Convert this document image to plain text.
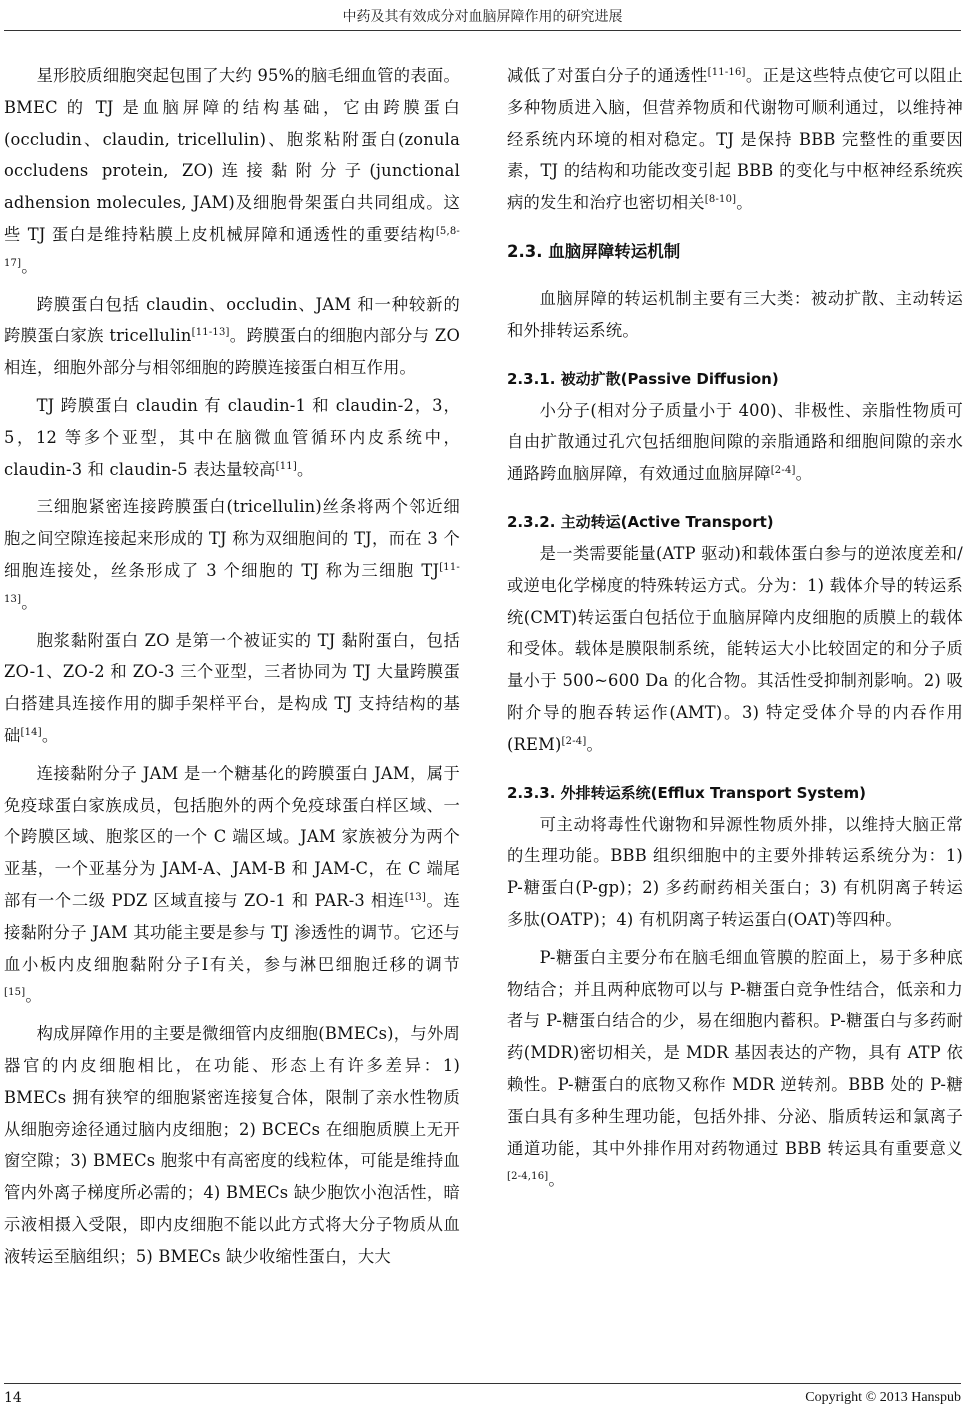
中药及其有效成分对血脑屏障作用的研究进展

星形胶质细胞突起包围了大约 95%的脑毛细血管的表面。BMEC 的 TJ 是血脑屏障的结构基础，它由跨膜蛋白(occludin、claudin, tricellulin)、胞浆粘附蛋白(zonula occludens protein, ZO)连接黏附分子(junctional adhension molecules, JAM)及细胞骨架蛋白共同组成。这些 TJ 蛋白是维持粘膜上皮机械屏障和通透性的重要结构[5,8-17]。

跨膜蛋白包括 claudin、occludin、JAM 和一种较新的跨膜蛋白家族 tricellulin[11-13]。跨膜蛋白的细胞内部分与 ZO 相连，细胞外部分与相邻细胞的跨膜连接蛋白相互作用。

TJ 跨膜蛋白 claudin 有 claudin-1 和 claudin-2，3，5，12 等多个亚型，其中在脑微血管循环内皮系统中，claudin-3 和 claudin-5 表达量较高[11]。

三细胞紧密连接跨膜蛋白(tricellulin)丝条将两个邻近细胞之间空隙连接起来形成的 TJ 称为双细胞间的 TJ，而在 3 个细胞连接处，丝条形成了 3 个细胞的 TJ 称为三细胞 TJ[11-13]。

胞浆黏附蛋白 ZO 是第一个被证实的 TJ 黏附蛋白，包括 ZO-1、ZO-2 和 ZO-3 三个亚型，三者协同为 TJ 大量跨膜蛋白搭建具连接作用的脚手架样平台，是构成 TJ 支持结构的基础[14]。

连接黏附分子 JAM 是一个糖基化的跨膜蛋白 JAM，属于免疫球蛋白家族成员，包括胞外的两个免疫球蛋白样区域、一个跨膜区域、胞浆区的一个 C 端区域。JAM 家族被分为两个亚基，一个亚基分为 JAM-A、JAM-B 和 JAM-C，在 C 端尾部有一个二级 PDZ 区域直接与 ZO-1 和 PAR-3 相连[13]。连接黏附分子 JAM 其功能主要是参与 TJ 渗透性的调节。它还与血小板内皮细胞黏附分子Ⅰ有关，参与淋巴细胞迁移的调节[15]。

构成屏障作用的主要是微细管内皮细胞(BMECs)，与外周器官的内皮细胞相比，在功能、形态上有许多差异：1) BMECs 拥有狭窄的细胞紧密连接复合体，限制了亲水性物质从细胞旁途径通过脑内皮细胞；2) BCECs 在细胞质膜上无开窗空隙；3) BMECs 胞浆中有高密度的线粒体，可能是维持血管内外离子梯度所必需的；4) BMECs 缺少胞饮小泡活性，暗示液相摄入受限，即内皮细胞不能以此方式将大分子物质从血液转运至脑组织；5) BMECs 缺少收缩性蛋白，大大

减低了对蛋白分子的通透性[11-16]。正是这些特点使它可以阻止多种物质进入脑，但营养物质和代谢物可顺利通过，以维持神经系统内环境的相对稳定。TJ 是保持 BBB 完整性的重要因素，TJ 的结构和功能改变引起 BBB 的变化与中枢神经系统疾病的发生和治疗也密切相关[8-10]。

2.3. 血脑屏障转运机制

血脑屏障的转运机制主要有三大类：被动扩散、主动转运和外排转运系统。

2.3.1. 被动扩散(Passive Diffusion)

小分子(相对分子质量小于 400)、非极性、亲脂性物质可自由扩散通过孔穴包括细胞间隙的亲脂通路和细胞间隙的亲水通路跨血脑屏障，有效通过血脑屏障[2-4]。

2.3.2. 主动转运(Active Transport)

是一类需要能量(ATP 驱动)和载体蛋白参与的逆浓度差和/或逆电化学梯度的特殊转运方式。分为：1) 载体介导的转运系统(CMT)转运蛋白包括位于血脑屏障内皮细胞的质膜上的载体和受体。载体是膜限制系统，能转运大小比较固定的和分子质量小于 500~600 Da 的化合物。其活性受抑制剂影响。2) 吸附介导的胞吞转运作(AMT)。3) 特定受体介导的内吞作用(REM)[2-4]。

2.3.3. 外排转运系统(Efflux Transport System)

可主动将毒性代谢物和异源性物质外排，以维持大脑正常的生理功能。BBB 组织细胞中的主要外排转运系统分为：1) P-糖蛋白(P-gp)；2) 多药耐药相关蛋白；3) 有机阴离子转运多肽(OATP)；4) 有机阴离子转运蛋白(OAT)等四种。

P-糖蛋白主要分布在脑毛细血管膜的腔面上，易于多种底物结合；并且两种底物可以与 P-糖蛋白竞争性结合，低亲和力者与 P-糖蛋白结合的少，易在细胞内蓄积。P-糖蛋白与多药耐药(MDR)密切相关，是 MDR 基因表达的产物，具有 ATP 依赖性。P-糖蛋白的底物又称作 MDR 逆转剂。BBB 处的 P-糖蛋白具有多种生理功能，包括外排、分泌、脂质转运和氯离子通道功能，其中外排作用对药物通过 BBB 转运具有重要意义[2-4,16]。

14	Copyright © 2013 Hanspub
